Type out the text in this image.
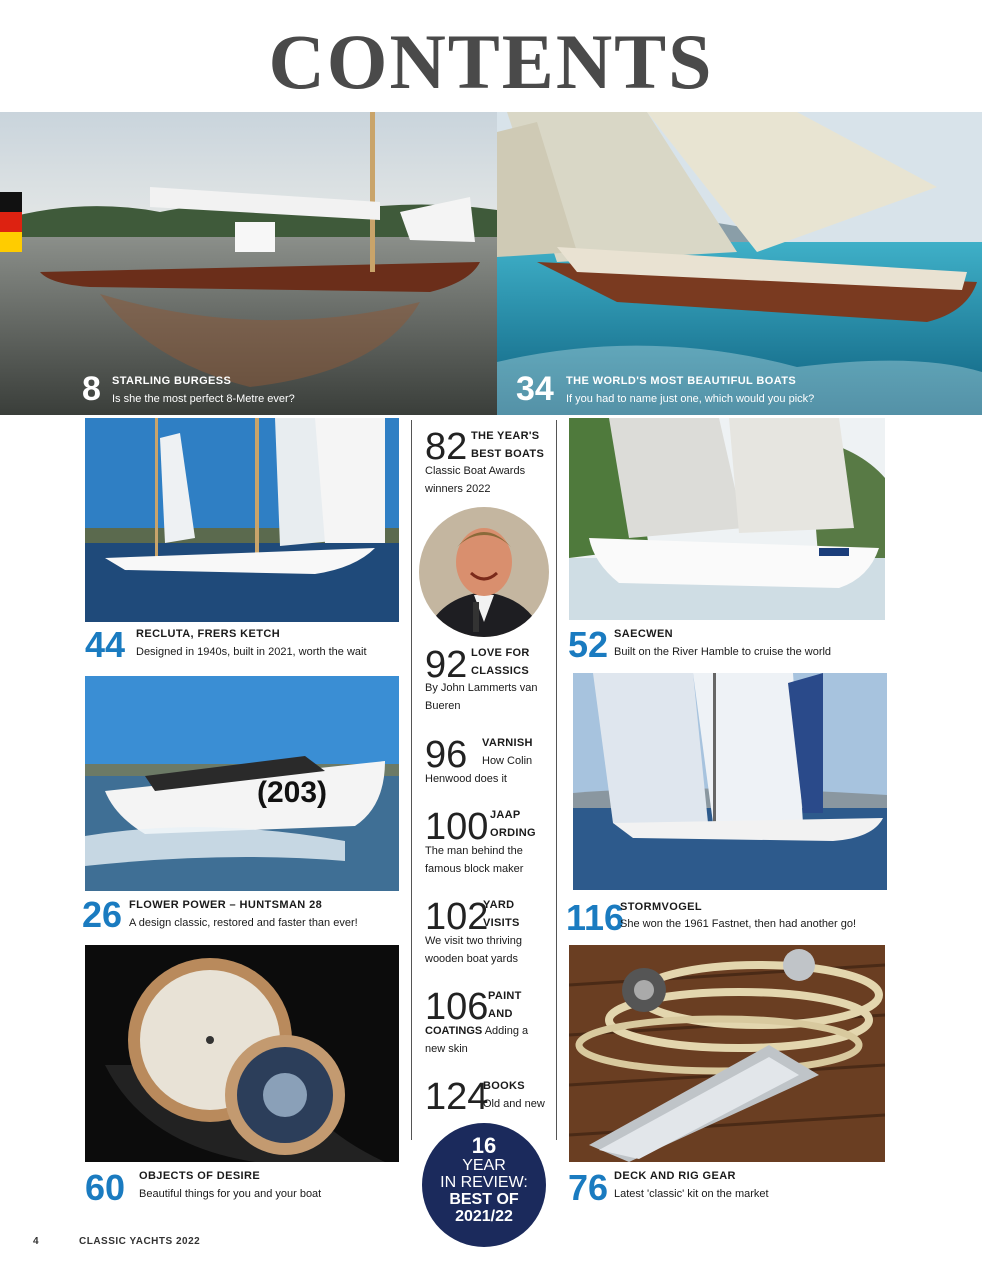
CONTENTS
8 STARLING BURGESS
Is she the most perfect 8-Metre ever?	34 THE WORLD'S MOST BEAUTIFUL BOATS
If you had to name just one, which would you pick?
44 RECLUTA, FRERS KETCH
Designed in 1940s, built in 2021, worth the wait
(203)
26 FLOWER POWER – HUNTSMAN 28
A design classic, restored and faster than ever!
60 OBJECTS OF DESIRE
Beautiful things for you and your boat
82 THE YEAR'S
BEST BOATS
Classic Boat Awards
winners 2022
92 LOVE FOR
CLASSICS
By John Lammerts van
Bueren
96 VARNISH
How Colin
Henwood does it
100 JAAP
ORDING
The man behind the
famous block maker
102
YARD
VISITS
We visit two thriving
wooden boat yards
106 PAINT
AND
COATINGS Adding a
new skin
124
BOOKS
Old and new
16
YEAR
IN REVIEW:
BEST OF
2021/22
52 SAECWEN
Built on the River Hamble to cruise the world
116
STORMVOGEL
She won the 1961 Fastnet, then had another go!
76 DECK AND RIG GEAR
Latest 'classic' kit on the market
4	CLASSIC YACHTS 2022
